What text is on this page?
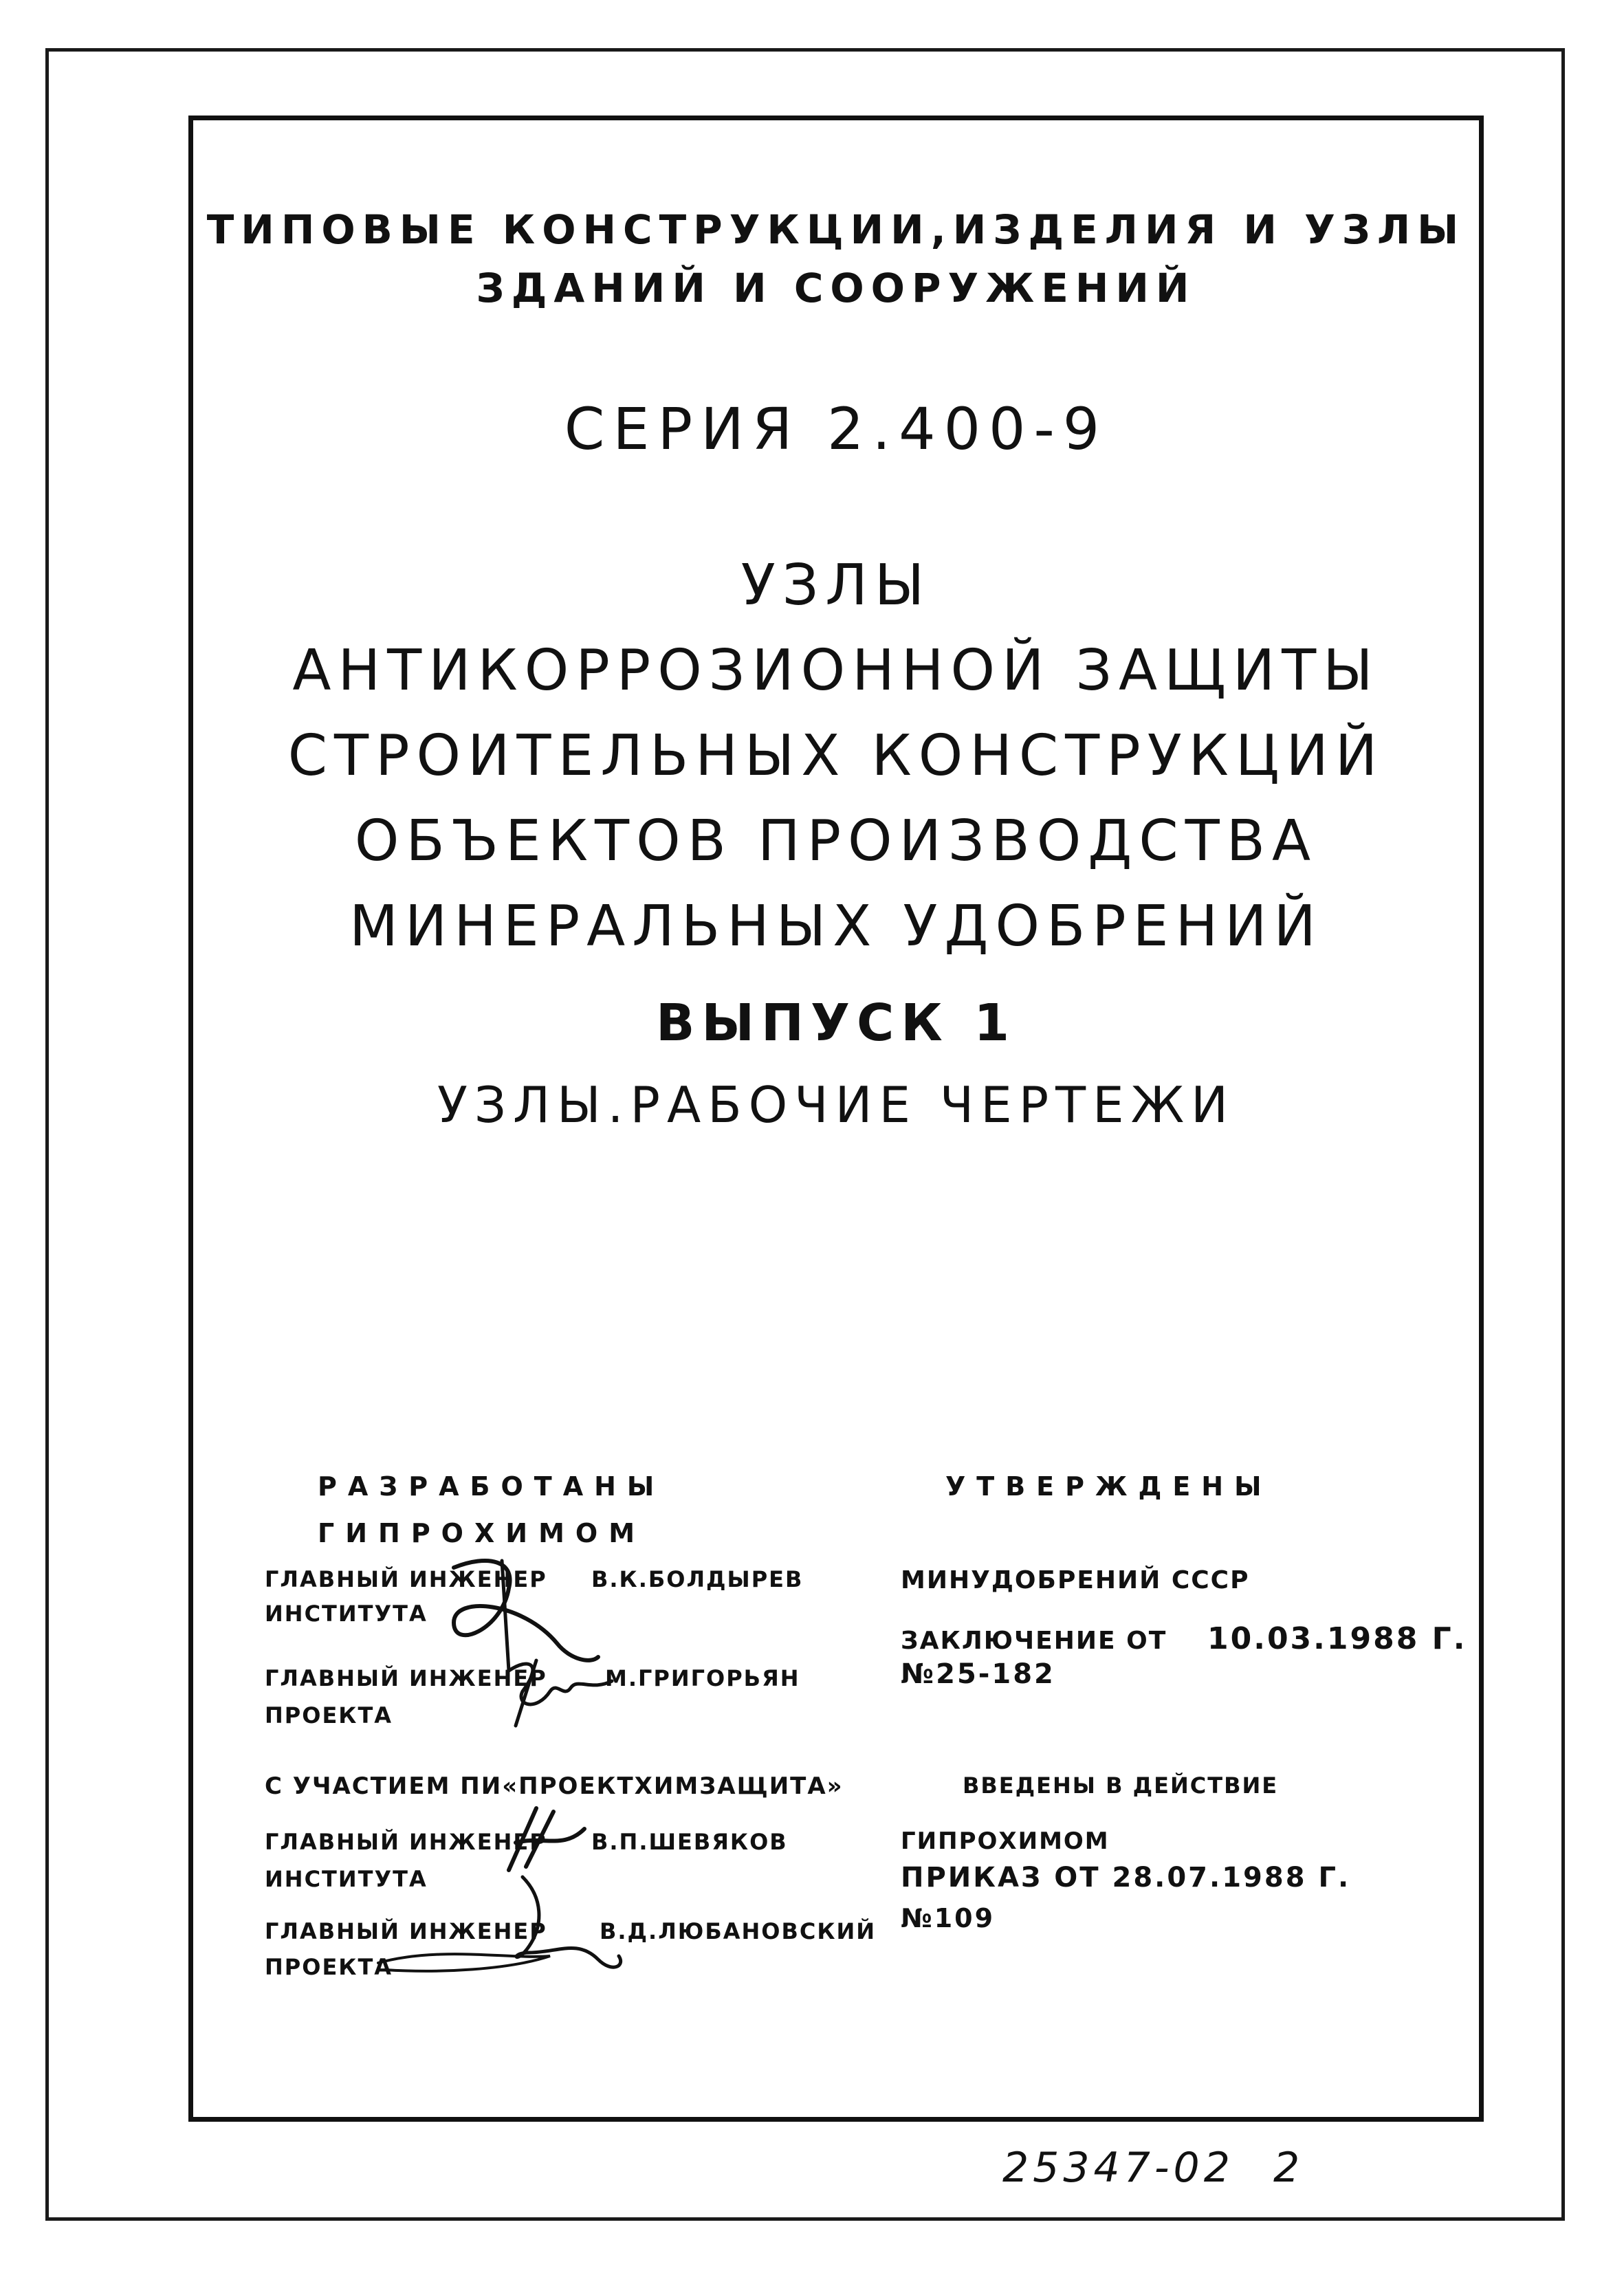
ТИПОВЫЕ КОНСТРУКЦИИ,ИЗДЕЛИЯ И УЗЛЫ
ЗДАНИЙ И СООРУЖЕНИЙ
СЕРИЯ 2.400-9
УЗЛЫ
АНТИКОРРОЗИОННОЙ ЗАЩИТЫ
СТРОИТЕЛЬНЫХ КОНСТРУКЦИЙ
ОБЪЕКТОВ ПРОИЗВОДСТВА
МИНЕРАЛЬНЫХ УДОБРЕНИЙ
ВЫПУСК 1
УЗЛЫ.РАБОЧИЕ ЧЕРТЕЖИ
РАЗРАБОТАНЫ
ГИПРОХИМОМ
ГЛАВНЫЙ ИНЖЕНЕР
ИНСТИТУТА
В.К.БОЛДЫРЕВ
ГЛАВНЫЙ ИНЖЕНЕР
ПРОЕКТА
М.ГРИГОРЬЯН
С УЧАСТИЕМ ПИ«ПРОЕКТХИМЗАЩИТА»
ГЛАВНЫЙ ИНЖЕНЕР
ИНСТИТУТА
В.П.ШЕВЯКОВ
ГЛАВНЫЙ ИНЖЕНЕР
ПРОЕКТА
В.Д.ЛЮБАНОВСКИЙ
УТВЕРЖДЕНЫ
МИНУДОБРЕНИЙ СССР
ЗАКЛЮЧЕНИЕ ОТ 10.03.1988 Г.
№25-182
ВВЕДЕНЫ В ДЕЙСТВИЕ
ГИПРОХИМОМ
ПРИКАЗ ОТ 28.07.1988 Г.
№109
25347-02 2
